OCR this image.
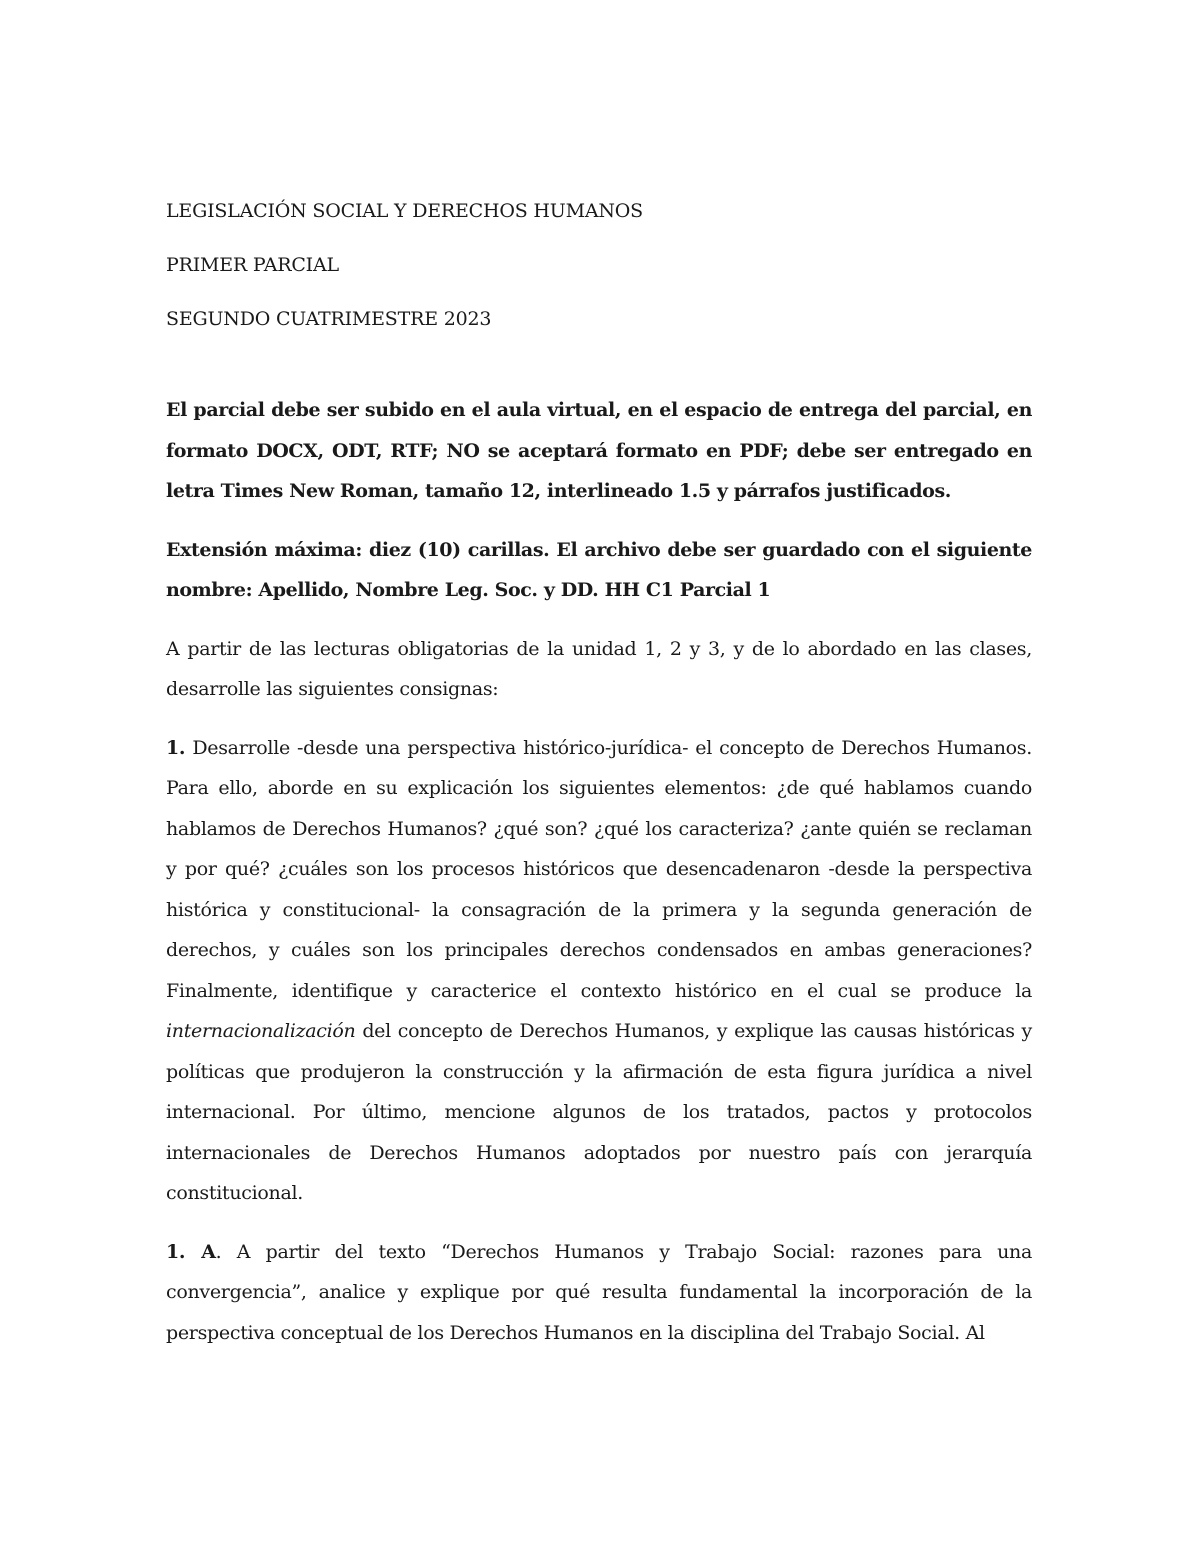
LEGISLACIÓN SOCIAL Y DERECHOS HUMANOS
PRIMER PARCIAL
SEGUNDO CUATRIMESTRE 2023

El parcial debe ser subido en el aula virtual, en el espacio de entrega del parcial, en formato DOCX, ODT, RTF; NO se aceptará formato en PDF; debe ser entregado en letra Times New Roman, tamaño 12, interlineado 1.5 y párrafos justificados.

Extensión máxima: diez (10) carillas. El archivo debe ser guardado con el siguiente nombre: Apellido, Nombre Leg. Soc. y DD. HH C1 Parcial 1

A partir de las lecturas obligatorias de la unidad 1, 2 y 3, y de lo abordado en las clases, desarrolle las siguientes consignas:

1. Desarrolle -desde una perspectiva histórico-jurídica- el concepto de Derechos Humanos. Para ello, aborde en su explicación los siguientes elementos: ¿de qué hablamos cuando hablamos de Derechos Humanos? ¿qué son? ¿qué los caracteriza? ¿ante quién se reclaman y por qué? ¿cuáles son los procesos históricos que desencadenaron -desde la perspectiva histórica y constitucional- la consagración de la primera y la segunda generación de derechos, y cuáles son los principales derechos condensados en ambas generaciones? Finalmente, identifique y caracterice el contexto histórico en el cual se produce la internacionalización del concepto de Derechos Humanos, y explique las causas históricas y políticas que produjeron la construcción y la afirmación de esta figura jurídica a nivel internacional. Por último, mencione algunos de los tratados, pactos y protocolos internacionales de Derechos Humanos adoptados por nuestro país con jerarquía constitucional.

1. A. A partir del texto “Derechos Humanos y Trabajo Social: razones para una convergencia”, analice y explique por qué resulta fundamental la incorporación de la perspectiva conceptual de los Derechos Humanos en la disciplina del Trabajo Social. Al
